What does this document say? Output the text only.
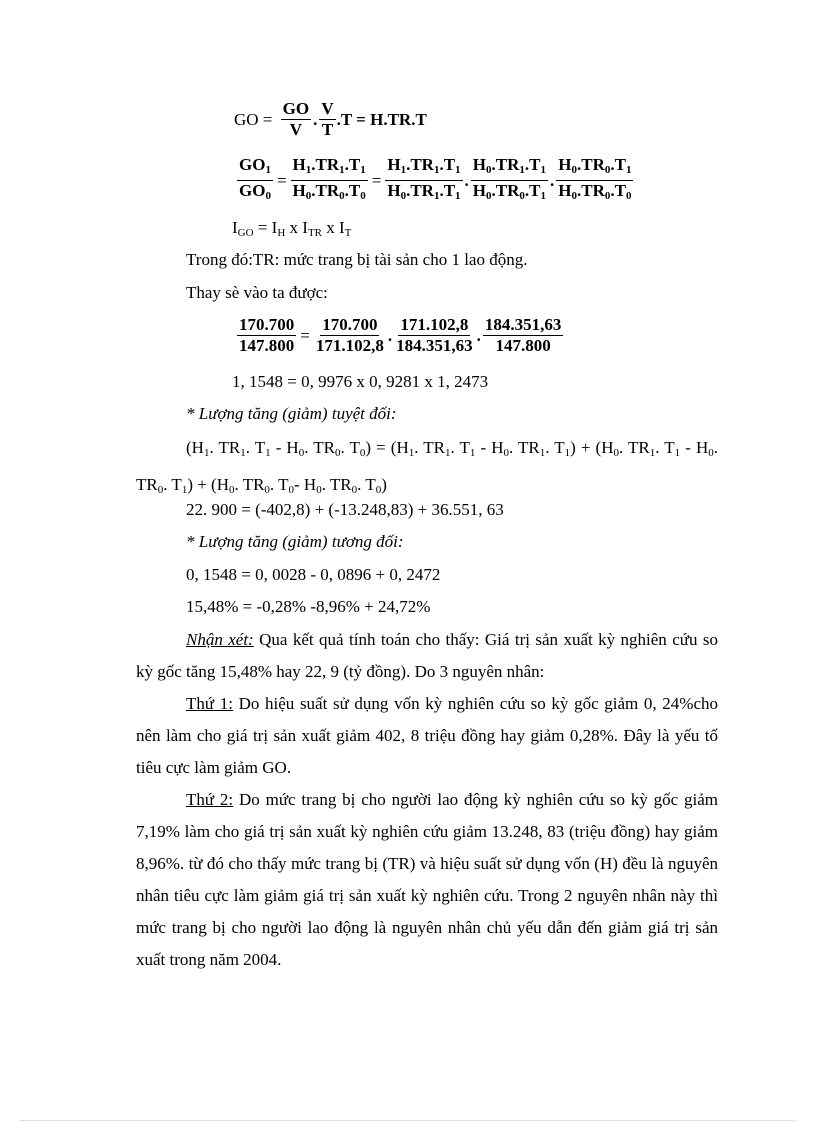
GO = $\frac{GO}{V}$ . $\frac{V}{T} .T = H.TR.T$
$\frac{GO_1}{GO_0} = \frac{H_1.TR_1.T_1}{H_0.TR_0.T_0} = \frac{H_1.TR_1.T_1}{H_0.TR_1.T_1}$ . $\frac{H_0.TR_1.T_1}{H_0.TR_0.T_1}$ . $\frac{H_0.TR_0.T_1}{H_0.TR_0.T_0}$
$I_{GO} = I_H$ x $I_{TR}$ x $I_T$
Trong đó:TR: mức trang bị tài sản cho 1 lao động.
Thay sè vào ta được:
$\frac{170.700}{147.800} = \frac{170.700}{171.102,8}$ . $\frac{171.102,8}{184.351,63}$ . $\frac{184.351,63}{147.800}$
1, 1548 = 0, 9976 x 0, 9281 x 1, 2473
* Lượng tăng (giảm) tuyệt đối:
($H_1$. $TR_1$. $T_1 - H_0$. $TR_0$. $T_0) = (H_1$. $TR_1$. $T_1 - H_0$. $TR_1$. $T_1) + (H_0$. $TR_1$. $T_1 - H_0$. $TR_0$. $T_1) + (H_0$. $TR_0$. $T_0-$ $H_0$. $TR_0$. $T_0$)
22. 900 = (-402,8) + (-13.248,83) + 36.551, 63
* Lượng tăng (giảm) tương đối:
0, 1548 = 0, 0028 - 0, 0896 + 0, 2472
15,48% = -0,28% -8,96% + 24,72%
Nhận xét: Qua kết quả tính toán cho thấy: Giá trị sản xuất kỳ nghiên cứu so kỳ gốc tăng 15,48% hay 22, 9 (tỷ đồng). Do 3 nguyên nhân:
Thứ 1: Do hiệu suất sử dụng vốn kỳ nghiên cứu so kỳ gốc giảm 0, 24%cho nên làm cho giá trị sản xuất giảm 402, 8 triệu đồng hay giảm 0,28%. Đây là yếu tố tiêu cực làm giảm GO.
Thứ 2: Do mức trang bị cho người lao động kỳ nghiên cứu so kỳ gốc giảm 7,19% làm cho giá trị sản xuất kỳ nghiên cứu giảm 13.248, 83 (triệu đồng) hay giảm 8,96%. từ đó cho thấy mức trang bị (TR) và hiệu suất sử dụng vốn (H) đều là nguyên nhân tiêu cực làm giảm giá trị sản xuất kỳ nghiên cứu. Trong 2 nguyên nhân này thì mức trang bị cho người lao động là nguyên nhân chủ yếu dẫn đến giảm giá trị sản xuất trong năm 2004.
